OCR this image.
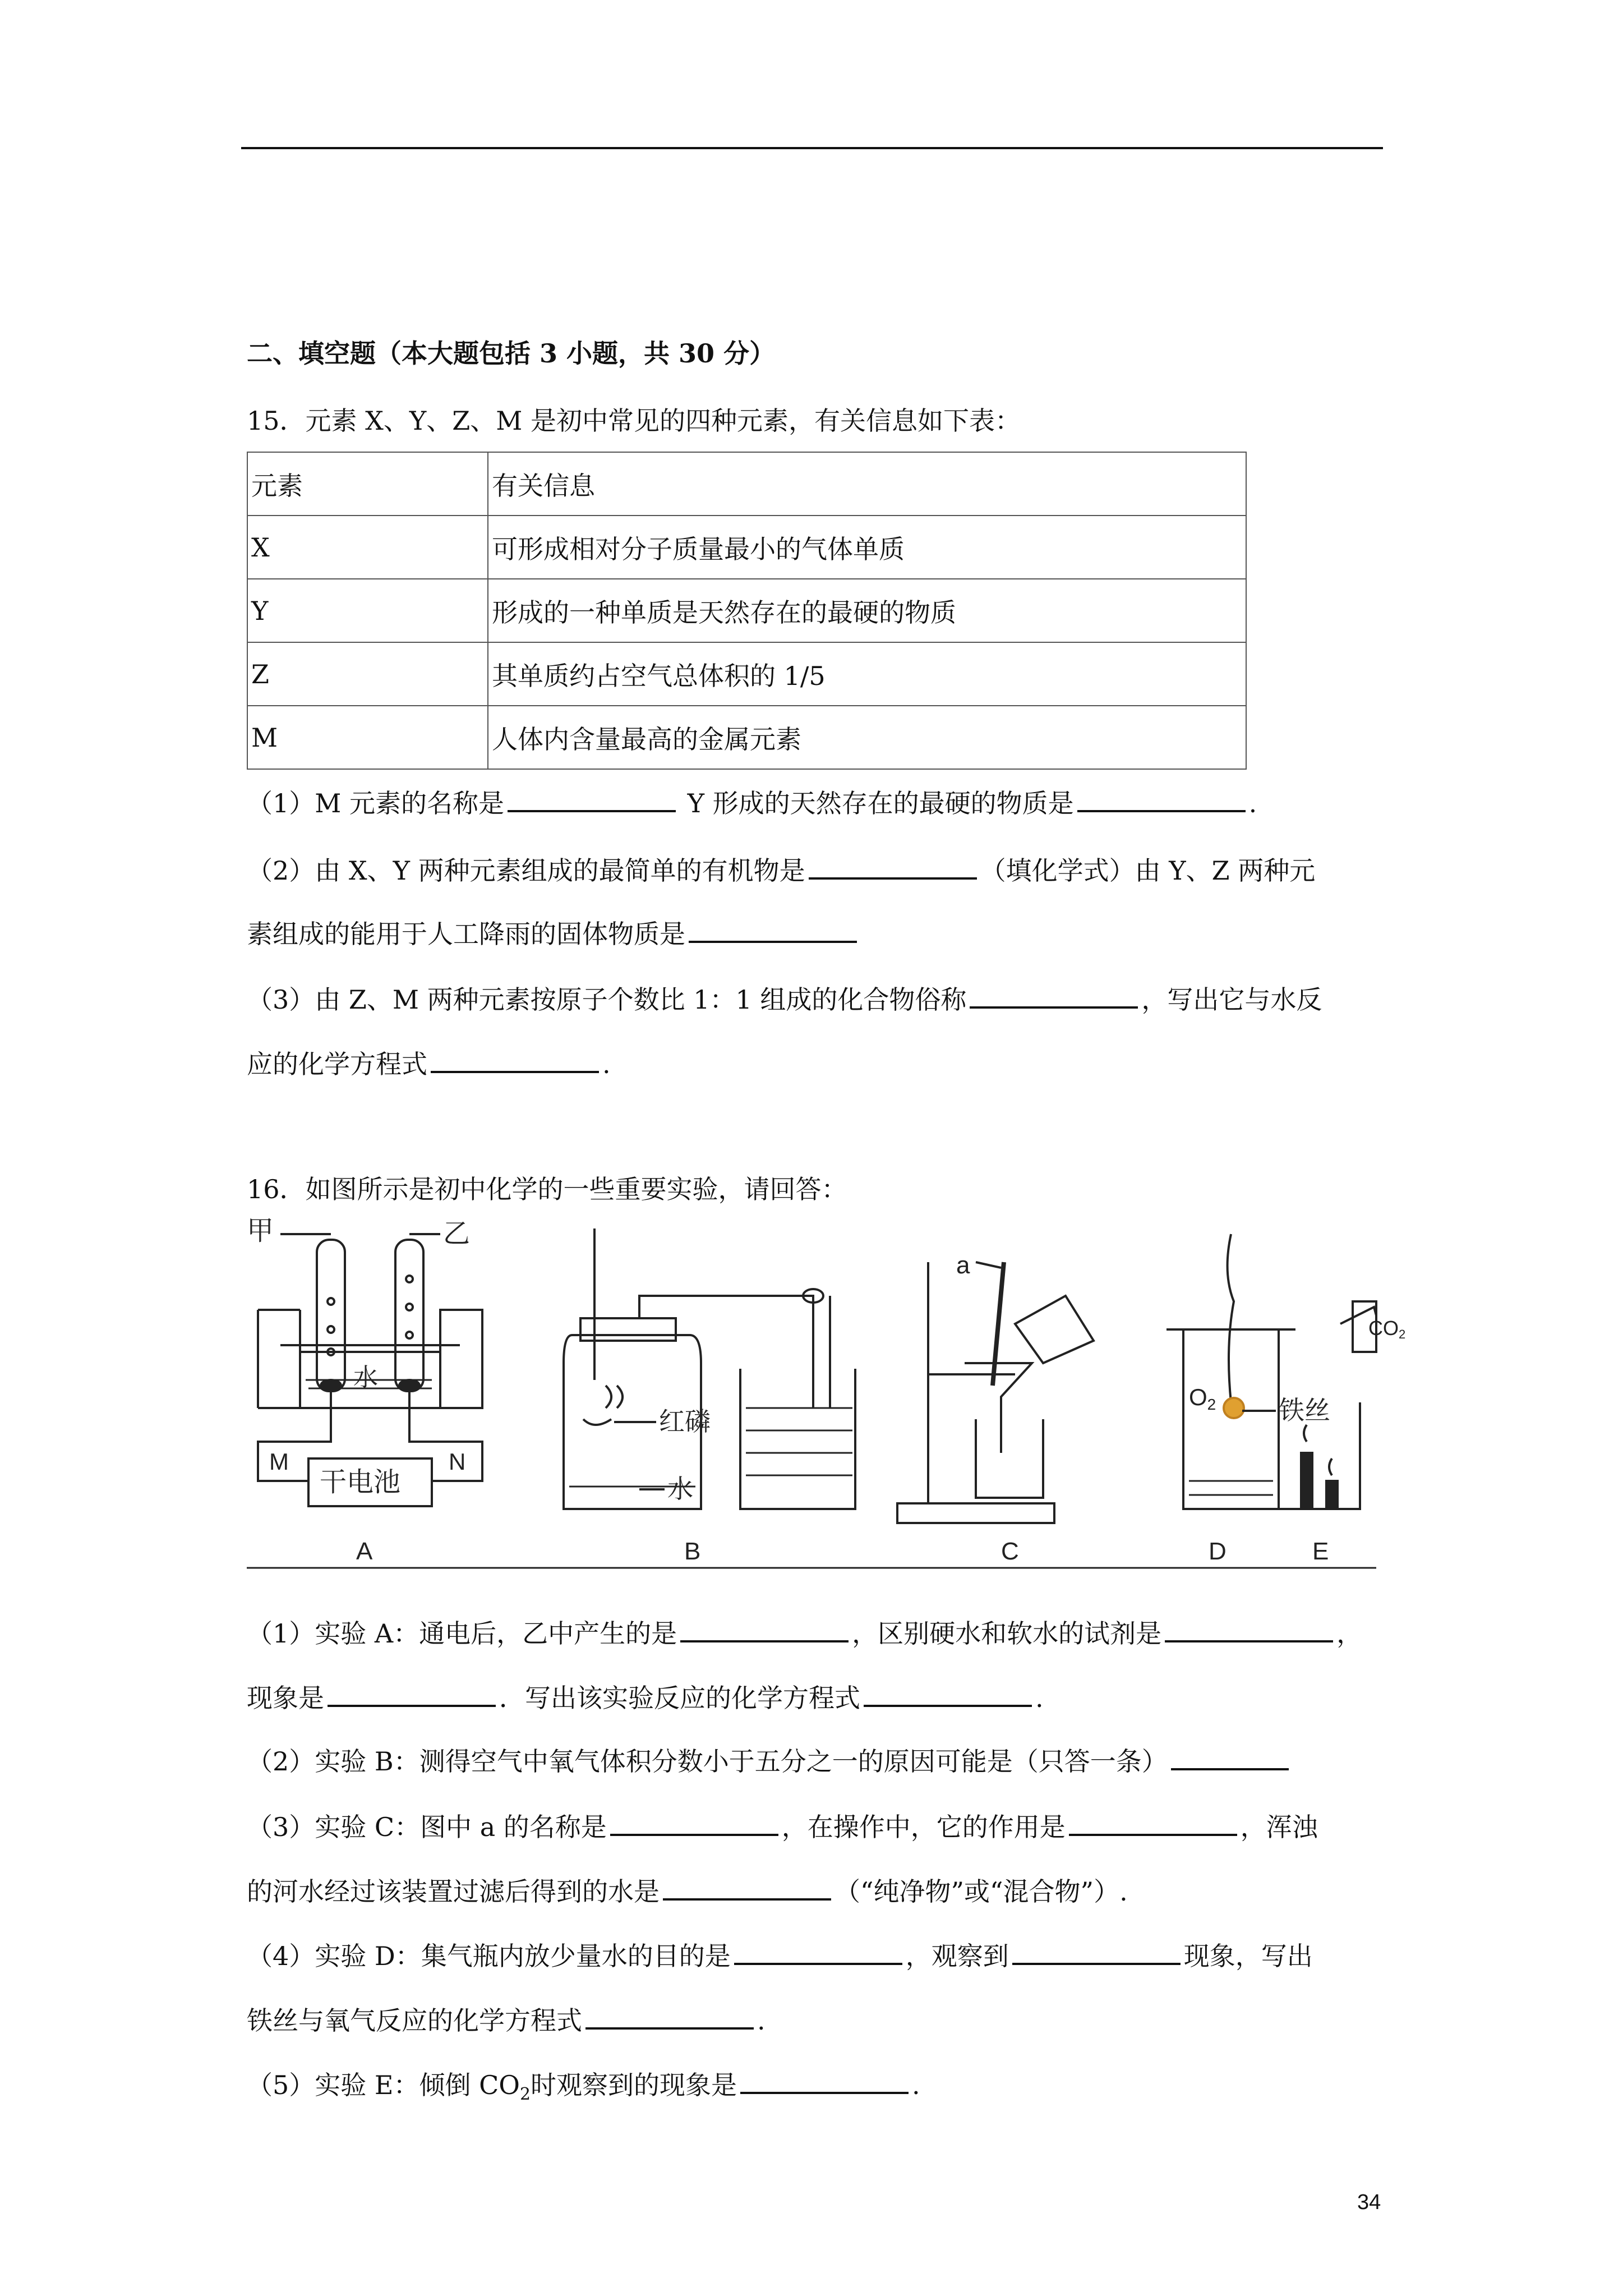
二、填空题（本大题包括 3 小题，共 30 分）
15．元素 X、Y、Z、M 是初中常见的四种元素，有关信息如下表：
元素	有关信息
X	可形成相对分子质量最小的气体单质
Y	形成的一种单质是天然存在的最硬的物质
Z	其单质约占空气总体积的 1/5
M	人体内含量最高的金属元素
（1）M 元素的名称是	Y 形成的天然存在的最硬的物质是	.
（2）由 X、Y 两种元素组成的最简单的有机物是	（填化学式）由 Y、Z 两种元
素组成的能用于人工降雨的固体物质是
（3）由 Z、M 两种元素按原子个数比 1：1 组成的化合物俗称	，写出它与水反
应的化学方程式	.
16．如图所示是初中化学的一些重要实验，请回答：
甲	乙
水
M	N
干电池
A
红磷
水
B
a
C
O2 铁丝
D
CO2
E
（1）实验 A：通电后，乙中产生的是	，区别硬水和软水的试剂是	，
现象是	．写出该实验反应的化学方程式	.
（2）实验 B：测得空气中氧气体积分数小于五分之一的原因可能是（只答一条）
（3）实验 C：图中 a 的名称是	，在操作中，它的作用是	，浑浊
的河水经过该装置过滤后得到的水是	（“纯净物”或“混合物”）.
（4）实验 D：集气瓶内放少量水的目的是	，观察到	现象，写出
铁丝与氧气反应的化学方程式	.
（5）实验 E：倾倒 $CO_2$时观察到的现象是	.
34
